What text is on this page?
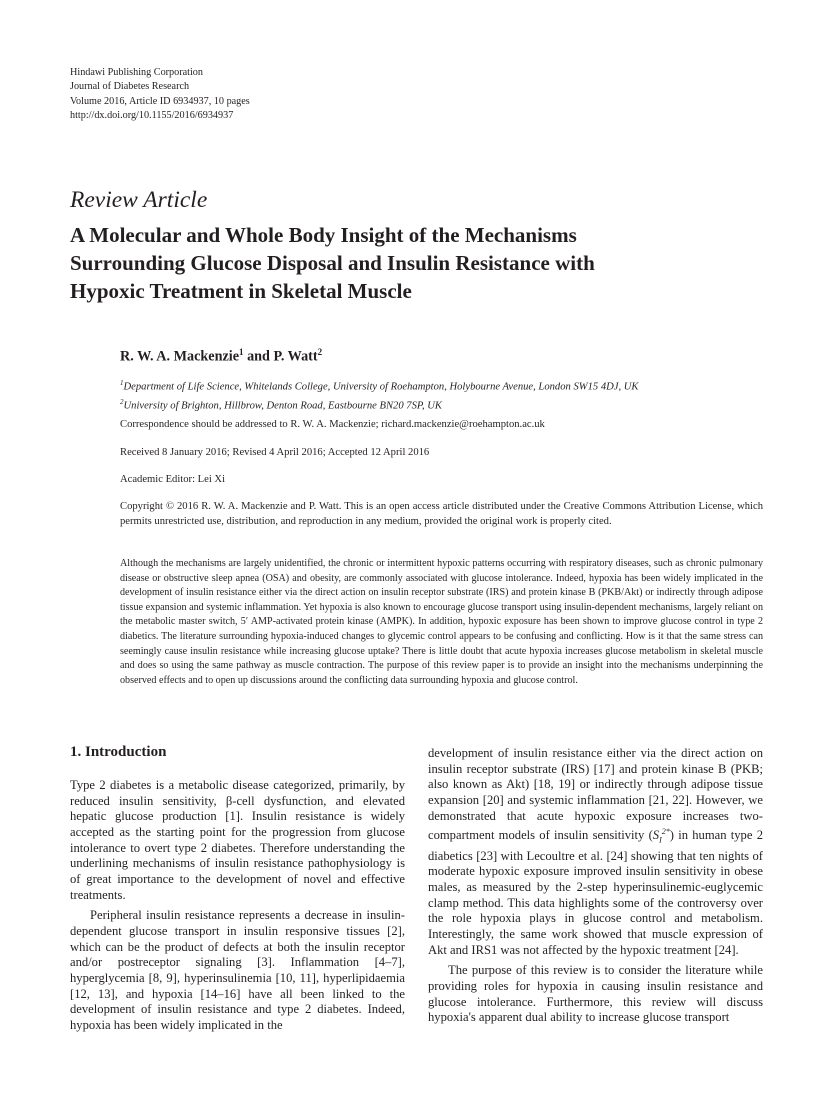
Hindawi Publishing Corporation
Journal of Diabetes Research
Volume 2016, Article ID 6934937, 10 pages
http://dx.doi.org/10.1155/2016/6934937
Review Article
A Molecular and Whole Body Insight of the Mechanisms
Surrounding Glucose Disposal and Insulin Resistance with
Hypoxic Treatment in Skeletal Muscle
R. W. A. Mackenzie$^1$ and P. Watt$^2$
$^1$Department of Life Science, Whitelands College, University of Roehampton, Holybourne Avenue, London SW15 4DJ, UK
$^2$University of Brighton, Hillbrow, Denton Road, Eastbourne BN20 7SP, UK
Correspondence should be addressed to R. W. A. Mackenzie; richard.mackenzie@roehampton.ac.uk
Received 8 January 2016; Revised 4 April 2016; Accepted 12 April 2016
Academic Editor: Lei Xi
Copyright © 2016 R. W. A. Mackenzie and P. Watt. This is an open access article distributed under the Creative Commons Attribution License, which permits unrestricted use, distribution, and reproduction in any medium, provided the original work is properly cited.

Although the mechanisms are largely unidentified, the chronic or intermittent hypoxic patterns occurring with respiratory diseases, such as chronic pulmonary disease or obstructive sleep apnea (OSA) and obesity, are commonly associated with glucose intolerance. Indeed, hypoxia has been widely implicated in the development of insulin resistance either via the direct action on insulin receptor substrate (IRS) and protein kinase B (PKB/Akt) or indirectly through adipose tissue expansion and systemic inflammation. Yet hypoxia is also known to encourage glucose transport using insulin-dependent mechanisms, largely reliant on the metabolic master switch, 5′ AMP-activated protein kinase (AMPK). In addition, hypoxic exposure has been shown to improve glucose control in type 2 diabetics. The literature surrounding hypoxia-induced changes to glycemic control appears to be confusing and conflicting. How is it that the same stress can seemingly cause insulin resistance while increasing glucose uptake? There is little doubt that acute hypoxia increases glucose metabolism in skeletal muscle and does so using the same pathway as muscle contraction. The purpose of this review paper is to provide an insight into the mechanisms underpinning the observed effects and to open up discussions around the conflicting data surrounding hypoxia and glucose control.

1. Introduction

Type 2 diabetes is a metabolic disease categorized, primarily, by reduced insulin sensitivity, β-cell dysfunction, and elevated hepatic glucose production [1]. Insulin resistance is widely accepted as the starting point for the progression from glucose intolerance to overt type 2 diabetes. Therefore understanding the underlining mechanisms of insulin resistance pathophysiology is of great importance to the development of novel and effective treatments.

Peripheral insulin resistance represents a decrease in insulin-dependent glucose transport in insulin responsive tissues [2], which can be the product of defects at both the insulin receptor and/or postreceptor signaling [3]. Inflammation [4–7], hyperglycemia [8, 9], hyperinsulinemia [10, 11], hyperlipidaemia [12, 13], and hypoxia [14–16] have all been linked to the development of insulin resistance and type 2 diabetes. Indeed, hypoxia has been widely implicated in the

development of insulin resistance either via the direct action on insulin receptor substrate (IRS) [17] and protein kinase B (PKB; also known as Akt) [18, 19] or indirectly through adipose tissue expansion [20] and systemic inflammation [21, 22]. However, we demonstrated that acute hypoxic exposure increases two-compartment models of insulin sensitivity $(S_I^{2*})$ in human type 2 diabetics [23] with Lecoultre et al. [24] showing that ten nights of moderate hypoxic exposure improved insulin sensitivity in obese males, as measured by the 2-step hyperinsulinemic-euglycemic clamp method. This data highlights some of the controversy over the role hypoxia plays in glucose control and metabolism. Interestingly, the same work showed that muscle expression of Akt and IRS1 was not affected by the hypoxic treatment [24].

The purpose of this review is to consider the literature while providing roles for hypoxia in causing insulin resistance and glucose intolerance. Furthermore, this review will discuss hypoxia's apparent dual ability to increase glucose transport
